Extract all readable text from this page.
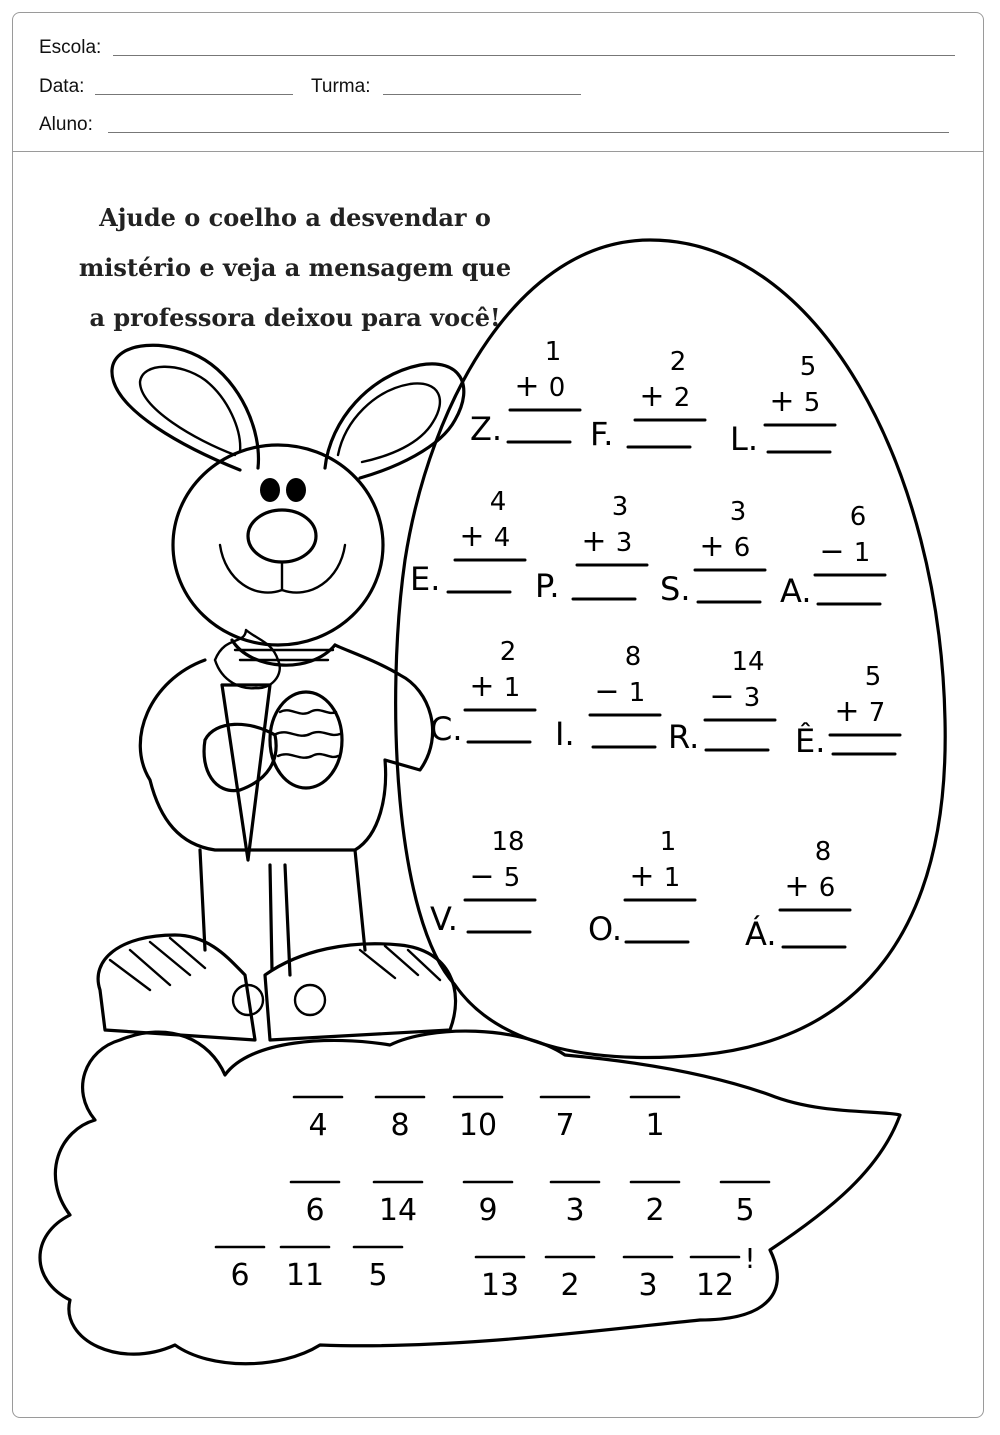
Escola:
Data:	Turma:
Aluno:
Ajude o coelho a desvendar o
mistério e veja a mensagem que
a professora deixou para você!
1
+ 0
Z.
2
+ 2
F.
5
+ 5
L.
4
+ 4
E.
3
+ 3
P.
3
+ 6
S.
6
− 1
A.
2
+ 1
C.
8
− 1
I.
14
− 3
R.
5
+ 7
Ê.
18
− 5
V.
1
+ 1
O.
8
+ 6
Á.
4 8 10 7 1
6 14 9 3 2 5
6 11 5	13 2 3 12
!
